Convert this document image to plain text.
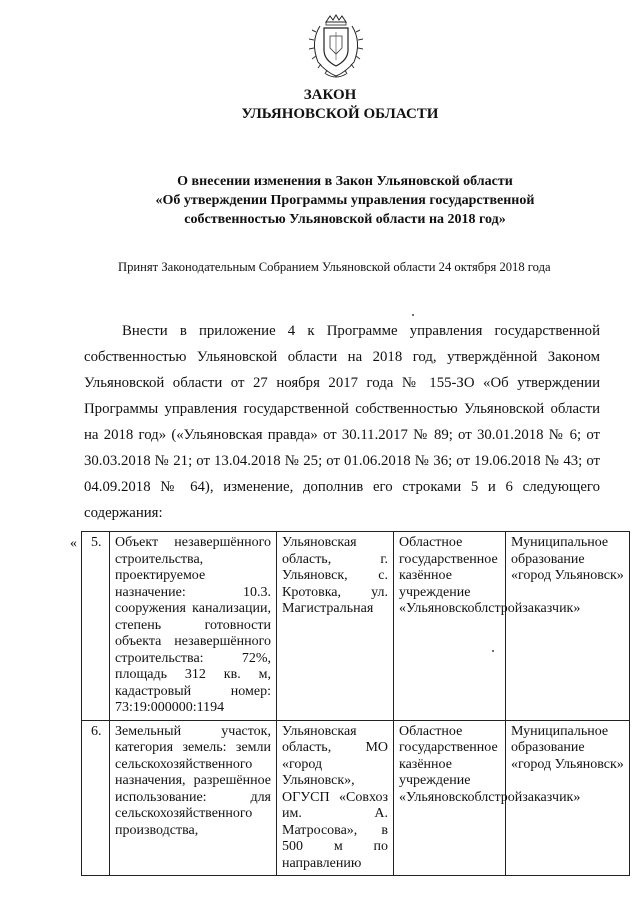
ЗАКОН
УЛЬЯНОВСКОЙ ОБЛАСТИ
О внесении изменения в Закон Ульяновской области
«Об утверждении Программы управления государственной
собственностью Ульяновской области на 2018 год»
Принят Законодательным Собранием Ульяновской области 24 октября 2018 года

Внести в приложение 4 к Программе управления государственной собственностью Ульяновской области на 2018 год, утверждённой Законом Ульяновской области от 27 ноября 2017 года № 155-ЗО «Об утверждении Программы управления государственной собственностью Ульяновской области на 2018 год» («Ульяновская правда» от 30.11.2017 № 89; от 30.01.2018 № 6; от 30.03.2018 № 21; от 13.04.2018 № 25; от 01.06.2018 № 36; от 19.06.2018 № 43; от 04.09.2018 № 64), изменение, дополнив его строками 5 и 6 следующего содержания:

« 5.	Объект незавершённого строительства, проектируемое назначение: 10.3. сооружения канализации, степень готовности объекта незавершённого строительства: 72%, площадь 312 кв. м, кадастровый номер: 73:19:000000:1194	Ульяновская область, г. Ульяновск, с. Кротовка, ул. Магистральная	Областное государственное казённое учреждение «Ульяновскоблстройзаказчик»	Муниципальное образование «город Ульяновск»
6.	Земельный участок, категория земель: земли сельскохозяйственного назначения, разрешённое использование: для сельскохозяйственного производства,	Ульяновская область, МО «город Ульяновск», ОГУСП «Совхоз им. А. Матросова», в 500 м по направлению	Областное государственное казённое учреждение «Ульяновскоблстройзаказчик»	Муниципальное образование «город Ульяновск»
